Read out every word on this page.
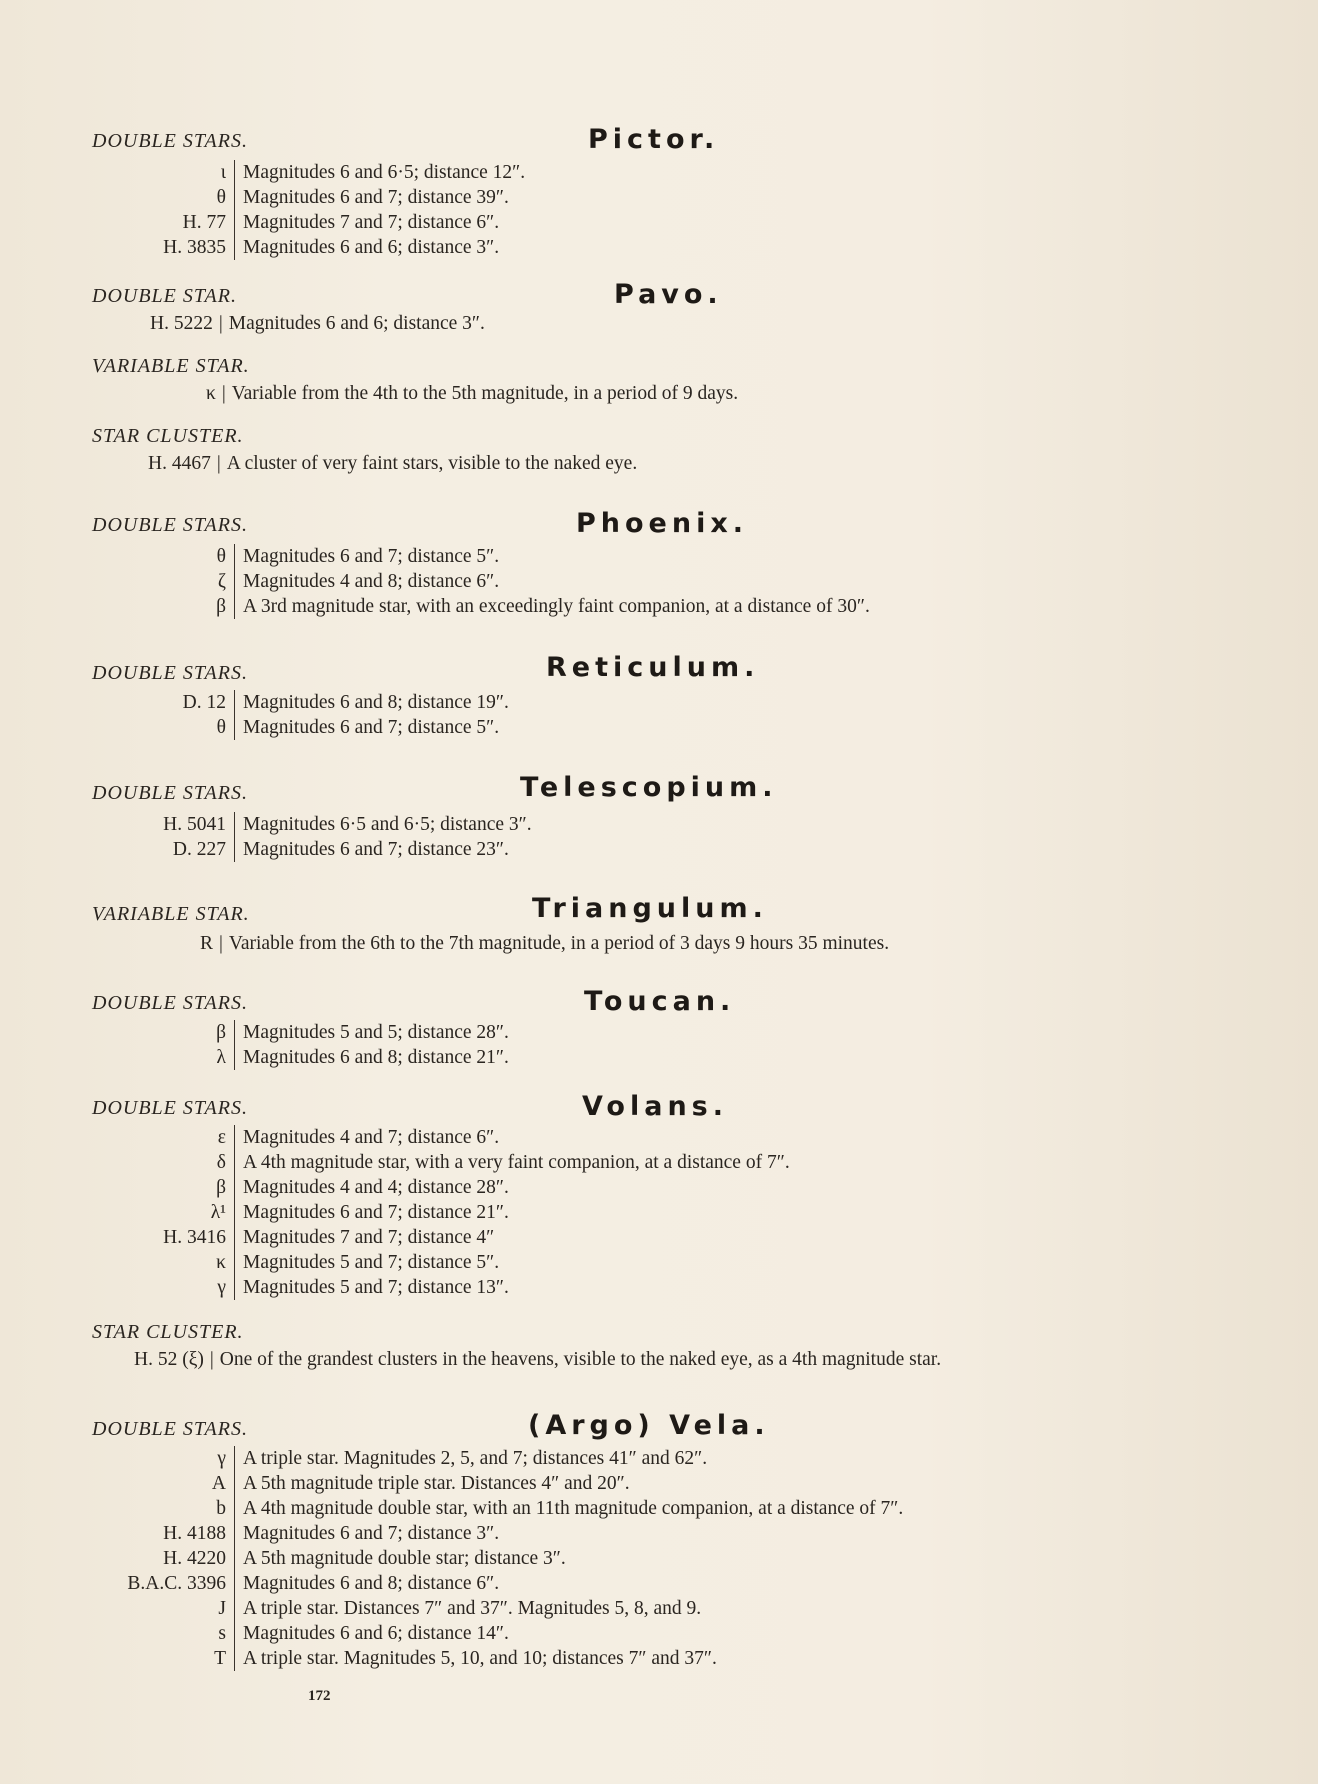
DOUBLE STARS.	Pictor.
ι	Magnitudes 6 and 6·5; distance 12″.
θ	Magnitudes 6 and 7; distance 39″.
H. 77	Magnitudes 7 and 7; distance 6″.
H. 3835	Magnitudes 6 and 6; distance 3″.
DOUBLE STAR.	Pavo.
H. 5222 | Magnitudes 6 and 6; distance 3″.
VARIABLE STAR.
κ | Variable from the 4th to the 5th magnitude, in a period of 9 days.
STAR CLUSTER.
H. 4467 | A cluster of very faint stars, visible to the naked eye.
DOUBLE STARS.	Phoenix.
θ	Magnitudes 6 and 7; distance 5″.
ζ	Magnitudes 4 and 8; distance 6″.
β	A 3rd magnitude star, with an exceedingly faint companion, at a distance of 30″.
DOUBLE STARS.	Reticulum.
D. 12	Magnitudes 6 and 8; distance 19″.
θ	Magnitudes 6 and 7; distance 5″.
DOUBLE STARS.	Telescopium.
H. 5041	Magnitudes 6·5 and 6·5; distance 3″.
D. 227	Magnitudes 6 and 7; distance 23″.
VARIABLE STAR.	Triangulum.
R | Variable from the 6th to the 7th magnitude, in a period of 3 days 9 hours 35 minutes.
DOUBLE STARS.	Toucan.
β	Magnitudes 5 and 5; distance 28″.
λ	Magnitudes 6 and 8; distance 21″.
DOUBLE STARS.	Volans.
ε	Magnitudes 4 and 7; distance 6″.
δ	A 4th magnitude star, with a very faint companion, at a distance of 7″.
β	Magnitudes 4 and 4; distance 28″.
λ¹	Magnitudes 6 and 7; distance 21″.
H. 3416	Magnitudes 7 and 7; distance 4″
κ	Magnitudes 5 and 7; distance 5″.
γ	Magnitudes 5 and 7; distance 13″.
STAR CLUSTER.
H. 52 (ξ) | One of the grandest clusters in the heavens, visible to the naked eye, as a 4th magnitude star.
DOUBLE STARS.	(Argo) Vela.
γ	A triple star. Magnitudes 2, 5, and 7; distances 41″ and 62″.
A	A 5th magnitude triple star. Distances 4″ and 20″.
b	A 4th magnitude double star, with an 11th magnitude companion, at a distance of 7″.
H. 4188	Magnitudes 6 and 7; distance 3″.
H. 4220	A 5th magnitude double star; distance 3″.
B.A.C. 3396	Magnitudes 6 and 8; distance 6″.
J	A triple star. Distances 7″ and 37″. Magnitudes 5, 8, and 9.
s	Magnitudes 6 and 6; distance 14″.
T	A triple star. Magnitudes 5, 10, and 10; distances 7″ and 37″.
172
